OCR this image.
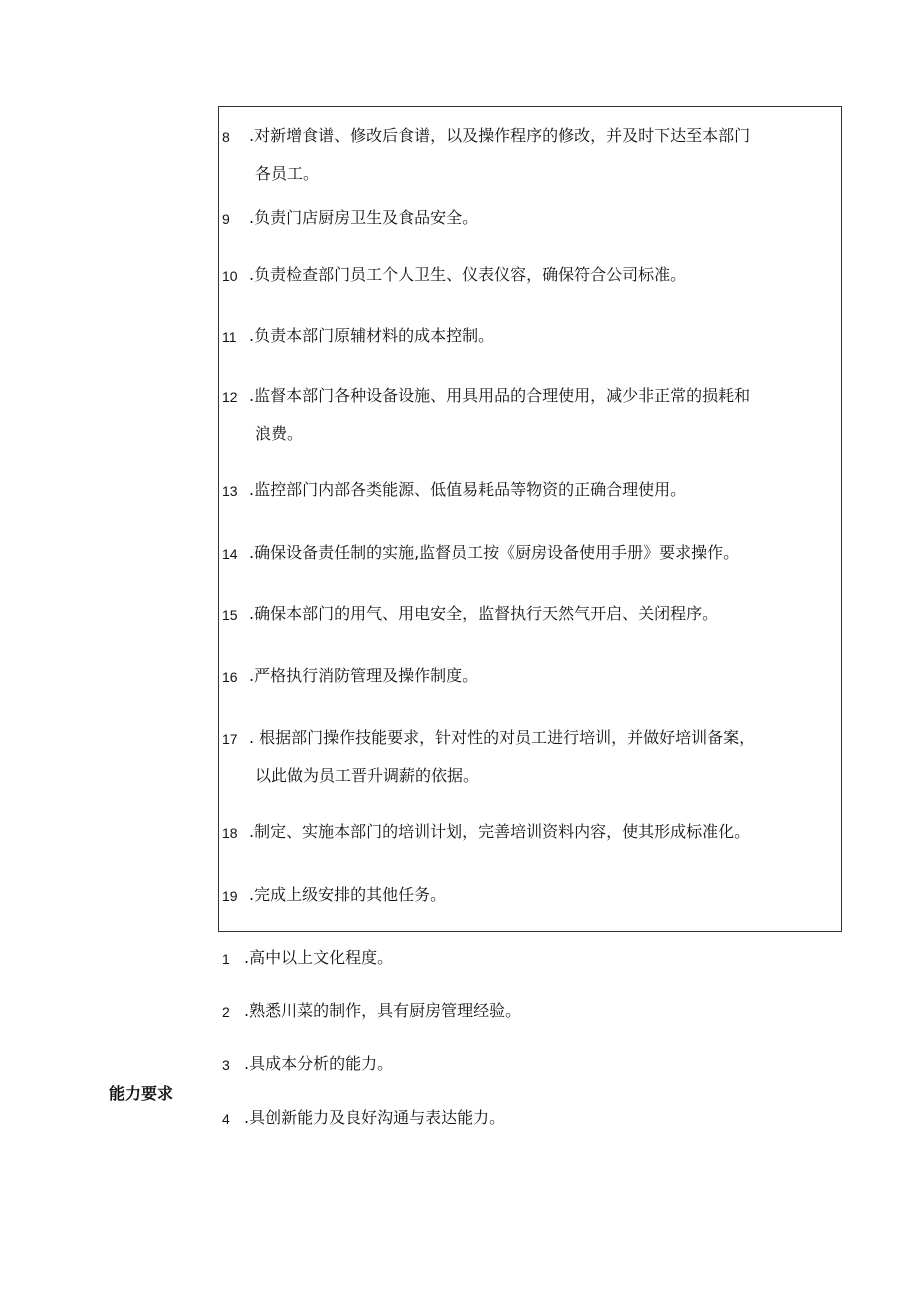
8 .对新增食谱、修改后食谱，以及操作程序的修改，并及时下达至本部门
各员工。
9 .负责门店厨房卫生及食品安全。
10 .负责检查部门员工个人卫生、仪表仪容，确保符合公司标准。
11 .负责本部门原辅材料的成本控制。
12 .监督本部门各种设备设施、用具用品的合理使用，减少非正常的损耗和
浪费。
13 .监控部门内部各类能源、低值易耗品等物资的正确合理使用。
14 .确保设备责任制的实施,监督员工按《厨房设备使用手册》要求操作。
15 .确保本部门的用气、用电安全，监督执行天然气开启、关闭程序。
16 .严格执行消防管理及操作制度。
17 . 根据部门操作技能要求，针对性的对员工进行培训，并做好培训备案，
以此做为员工晋升调薪的依据。
18 .制定、实施本部门的培训计划，完善培训资料内容，使其形成标准化。
19 .完成上级安排的其他任务。
能力要求
1 .高中以上文化程度。
2 .熟悉川菜的制作，具有厨房管理经验。
3 .具成本分析的能力。
4 .具创新能力及良好沟通与表达能力。
